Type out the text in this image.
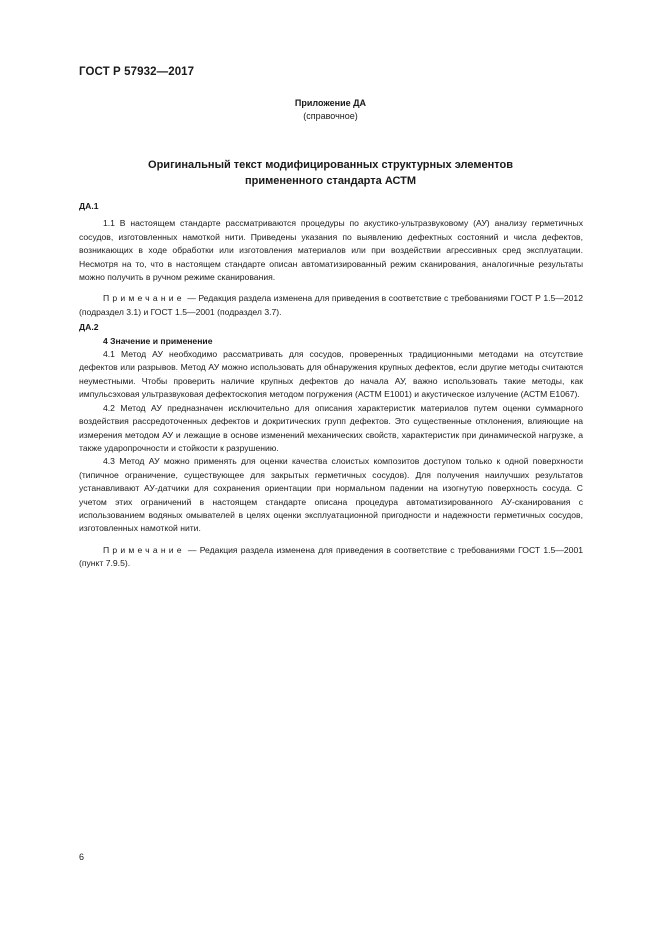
ГОСТ Р 57932—2017
Приложение ДА
(справочное)
Оригинальный текст модифицированных структурных элементов
примененного стандарта АСТМ

ДА.1

1.1 В настоящем стандарте рассматриваются процедуры по акустико-ультразвуковому (АУ) анализу герметичных сосудов, изготовленных намоткой нити. Приведены указания по выявлению дефектных состояний и числа дефектов, возникающих в ходе обработки или изготовления материалов или при воздействии агрессивных сред эксплуатации. Несмотря на то, что в настоящем стандарте описан автоматизированный режим сканирования, аналогичные результаты можно получить в ручном режиме сканирования.

Примечание — Редакция раздела изменена для приведения в соответствие с требованиями ГОСТ Р 1.5—2012 (подраздел 3.1) и ГОСТ 1.5—2001 (подраздел 3.7).

ДА.2

4 Значение и применение

4.1 Метод АУ необходимо рассматривать для сосудов, проверенных традиционными методами на отсутствие дефектов или разрывов. Метод АУ можно использовать для обнаружения крупных дефектов, если другие методы считаются неуместными. Чтобы проверить наличие крупных дефектов до начала АУ, важно использовать такие методы, как импульсэховая ультразвуковая дефектоскопия методом погружения (АСТМ Е1001) и акустическое излучение (АСТМ Е1067).

4.2 Метод АУ предназначен исключительно для описания характеристик материалов путем оценки суммарного воздействия рассредоточенных дефектов и докритических групп дефектов. Это существенные отклонения, влияющие на измерения методом АУ и лежащие в основе изменений механических свойств, характеристик при динамической нагрузке, а также ударопрочности и стойкости к разрушению.

4.3 Метод АУ можно применять для оценки качества слоистых композитов доступом только к одной поверхности (типичное ограничение, существующее для закрытых герметичных сосудов). Для получения наилучших результатов устанавливают АУ-датчики для сохранения ориентации при нормальном падении на изогнутую поверхность сосуда. С учетом этих ограничений в настоящем стандарте описана процедура автоматизированного АУ-сканирования с использованием водяных омывателей в целях оценки эксплуатационной пригодности и надежности герметичных сосудов, изготовленных намоткой нити.

Примечание — Редакция раздела изменена для приведения в соответствие с требованиями ГОСТ 1.5—2001 (пункт 7.9.5).

6
